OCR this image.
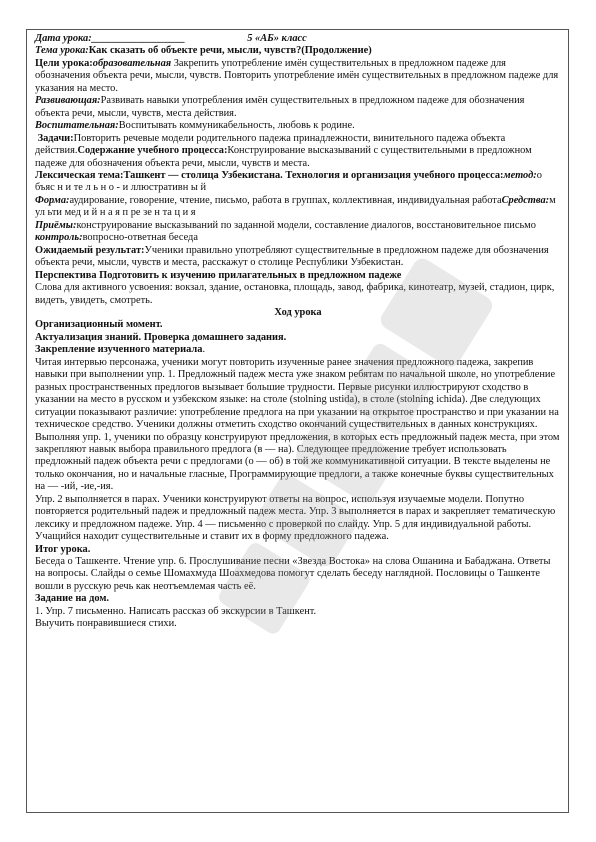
Дата урока:__________________	5 «АБ» класс

Тема урока:Как сказать об объекте речи, мысли, чувств?(Продолжение)

Цели урока:образовательная Закрепить употребление имён существительных в предложном падеже для обозначения объекта речи, мысли, чувств. Повторить употребление имён существительных в предложном падеже для указания на место.

Развивающая:Развивать навыки употребления имён существительных в предложном падеже для обозначения объекта речи, мысли, чувств, места действия.

Воспитательная:Воспитывать коммуникабельность, любовь к родине.

Задачи:Повторить речевые модели родительного падежа принадлежности, винительного падежа объекта действия.Содержание учебного процесса:Конструирование высказываний с существительными в предложном падеже для обозначения объекта речи, мысли, чувств и места.

Лексическая тема:Ташкент — столица Узбекистана. Технология и организация учебного процесса:метод:о бъяс н и те л ь н о - и ллюстративн ы й

Форма:аудирование, говорение, чтение, письмо, работа в группах, коллективная, индивидуальная работаСредства:м ул ьти мед и й н а я п ре зе н та ц и я

Приёмы:конструирование высказываний по заданной модели, составление диалогов, восстановительное письмо контроль:вопросно-ответная беседа

Ожидаемый результат:Ученики правильно употребляют существительные в предложном падеже для обозначения объекта речи, мысли, чувств и места, расскажут о столице Республики Узбекистан.

Перспектива Подготовить к изучению прилагательных в предложном падеже

Слова для активного усвоения: вокзал, здание, остановка, площадь, завод, фабрика, кинотеатр, музей, стадион, цирк, видеть, увидеть, смотреть.

Ход урока

Организационный момент.

Актуализация знаний. Проверка домашнего задания.

Закрепление изученного материала.

Читая интервью персонажа, ученики могут повторить изученные ранее значения предложного падежа, закрепив навыки при выполнении упр. 1. Предложный падеж места уже знаком ребятам по начальной школе, но употребление разных пространственных предлогов вызывает большие трудности. Первые рисунки иллюстрируют сходство в указании на место в русском и узбекском языке: на столе (stolning ustida), в столе (stolning ichida). Две следующих ситуации показывают различие: употребление предлога на при указании на открытое пространство и при указании на техническое средство. Ученики должны отметить сходство окончаний существительных в данных конструкциях.

Выполняя упр. 1, ученики по образцу конструируют предложения, в которых есть предложный падеж места, при этом закрепляют навык выбора правильного предлога (в — на). Следующее предложение требует использовать предложный падеж объекта речи с предлогами (о — об) в той же коммуникативной ситуации. В тексте выделены не только окончания, но и начальные гласные, Программирующие предлоги, а также конечные буквы существительных на — -ий, -ие,-ия.

Упр. 2 выполняется в парах. Ученики конструируют ответы на вопрос, используя изучаемые модели. Попутно повторяется родительный падеж и предложный падеж места. Упр. 3 выполняется в парах и закрепляет тематическую лексику и предложном падеже. Упр. 4 — письменно с проверкой по слайду. Упр. 5 для индивидуальной работы. Учащийся находит существительные и ставит их в форму предложного падежа.

Итог урока.

Беседа о Ташкенте. Чтение упр. 6. Прослушивание песни «Звезда Востока» на слова Ошанина и Бабаджана. Ответы на вопросы. Слайды о семье Шомахмуда Шоахмедова помогут сделать беседу наглядной. Пословицы о Ташкенте вошли в русскую речь как неотъемлемая часть её.

Задание на дом.

1. Упр. 7 письменно. Написать рассказ об экскурсии в Ташкент.

Выучить понравившиеся стихи.
